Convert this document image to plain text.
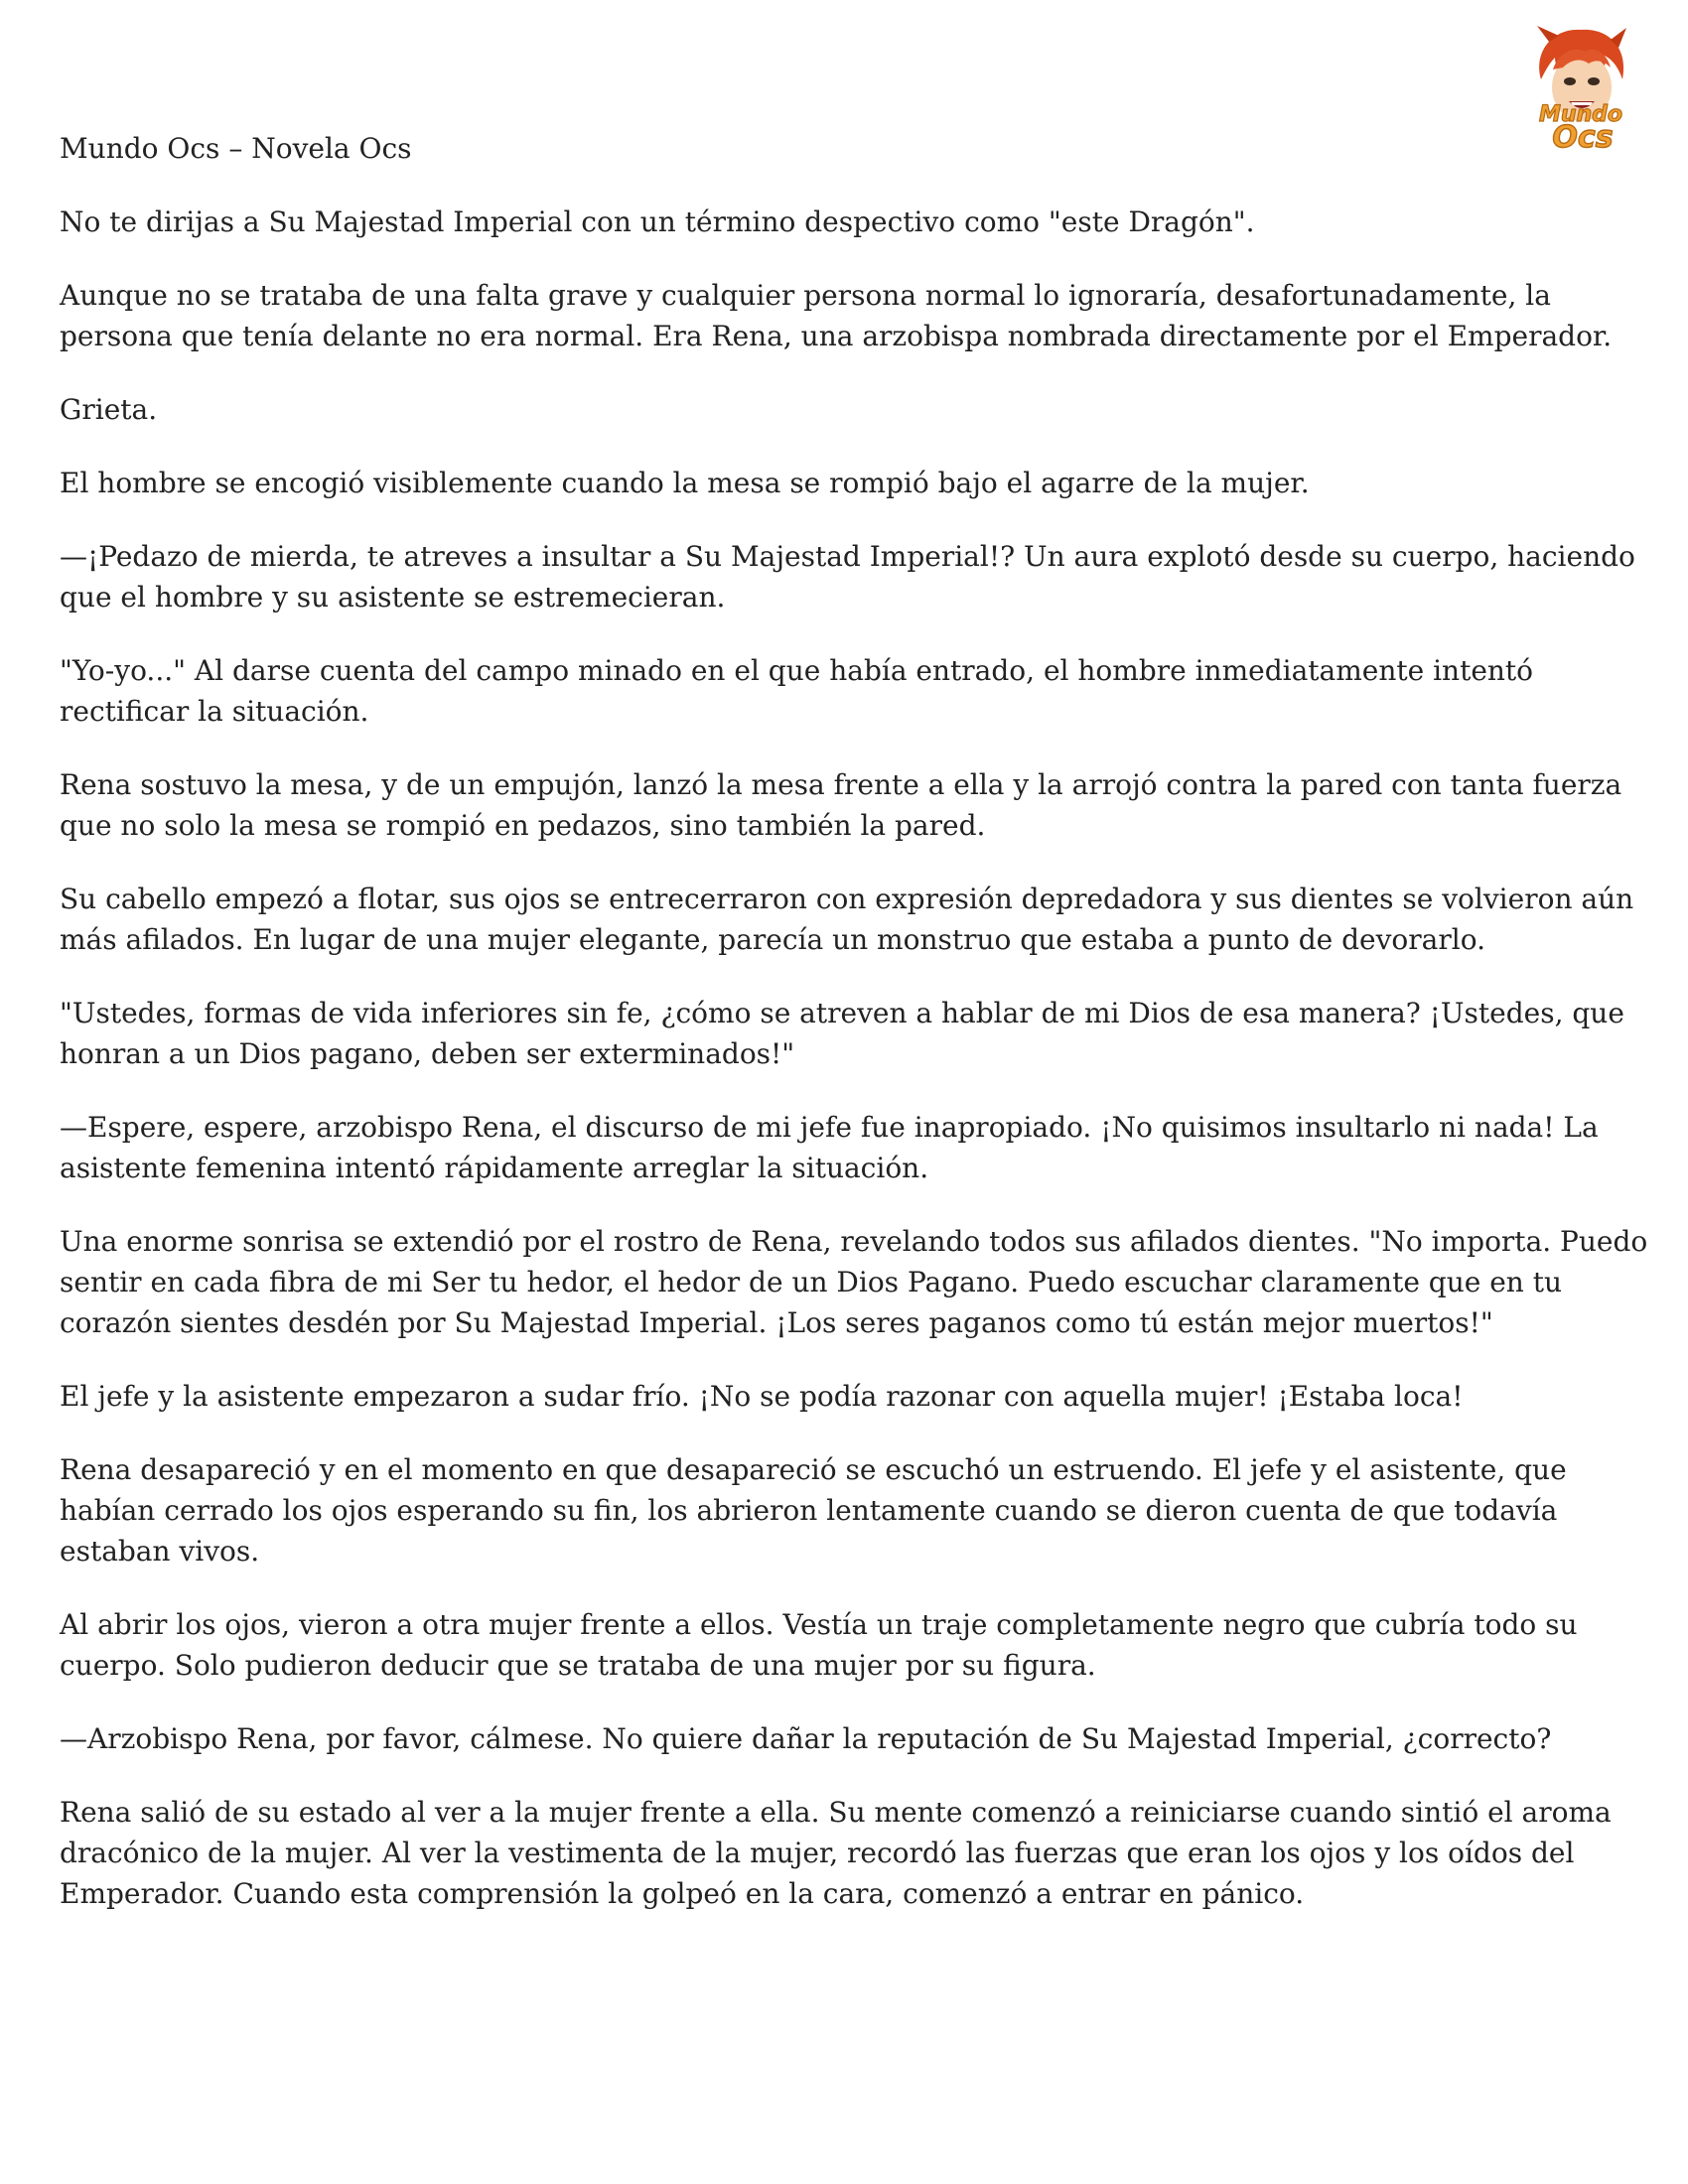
Mundo
Ocs

Mundo Ocs – Novela Ocs

No te dirijas a Su Majestad Imperial con un término despectivo como "este Dragón".

Aunque no se trataba de una falta grave y cualquier persona normal lo ignoraría, desafortunadamente, la persona que tenía delante no era normal. Era Rena, una arzobispa nombrada directamente por el Emperador.

Grieta.

El hombre se encogió visiblemente cuando la mesa se rompió bajo el agarre de la mujer.

—¡Pedazo de mierda, te atreves a insultar a Su Majestad Imperial!? Un aura explotó desde su cuerpo, haciendo que el hombre y su asistente se estremecieran.

"Yo-yo..." Al darse cuenta del campo minado en el que había entrado, el hombre inmediatamente intentó rectificar la situación.

Rena sostuvo la mesa, y de un empujón, lanzó la mesa frente a ella y la arrojó contra la pared con tanta fuerza que no solo la mesa se rompió en pedazos, sino también la pared.

Su cabello empezó a flotar, sus ojos se entrecerraron con expresión depredadora y sus dientes se volvieron aún más afilados. En lugar de una mujer elegante, parecía un monstruo que estaba a punto de devorarlo.

"Ustedes, formas de vida inferiores sin fe, ¿cómo se atreven a hablar de mi Dios de esa manera? ¡Ustedes, que honran a un Dios pagano, deben ser exterminados!"

—Espere, espere, arzobispo Rena, el discurso de mi jefe fue inapropiado. ¡No quisimos insultarlo ni nada! La asistente femenina intentó rápidamente arreglar la situación.

Una enorme sonrisa se extendió por el rostro de Rena, revelando todos sus afilados dientes. "No importa. Puedo sentir en cada fibra de mi Ser tu hedor, el hedor de un Dios Pagano. Puedo escuchar claramente que en tu corazón sientes desdén por Su Majestad Imperial. ¡Los seres paganos como tú están mejor muertos!"

El jefe y la asistente empezaron a sudar frío. ¡No se podía razonar con aquella mujer! ¡Estaba loca!

Rena desapareció y en el momento en que desapareció se escuchó un estruendo. El jefe y el asistente, que habían cerrado los ojos esperando su fin, los abrieron lentamente cuando se dieron cuenta de que todavía estaban vivos.

Al abrir los ojos, vieron a otra mujer frente a ellos. Vestía un traje completamente negro que cubría todo su cuerpo. Solo pudieron deducir que se trataba de una mujer por su figura.

—Arzobispo Rena, por favor, cálmese. No quiere dañar la reputación de Su Majestad Imperial, ¿correcto?

Rena salió de su estado al ver a la mujer frente a ella. Su mente comenzó a reiniciarse cuando sintió el aroma dracónico de la mujer. Al ver la vestimenta de la mujer, recordó las fuerzas que eran los ojos y los oídos del Emperador. Cuando esta comprensión la golpeó en la cara, comenzó a entrar en pánico.
